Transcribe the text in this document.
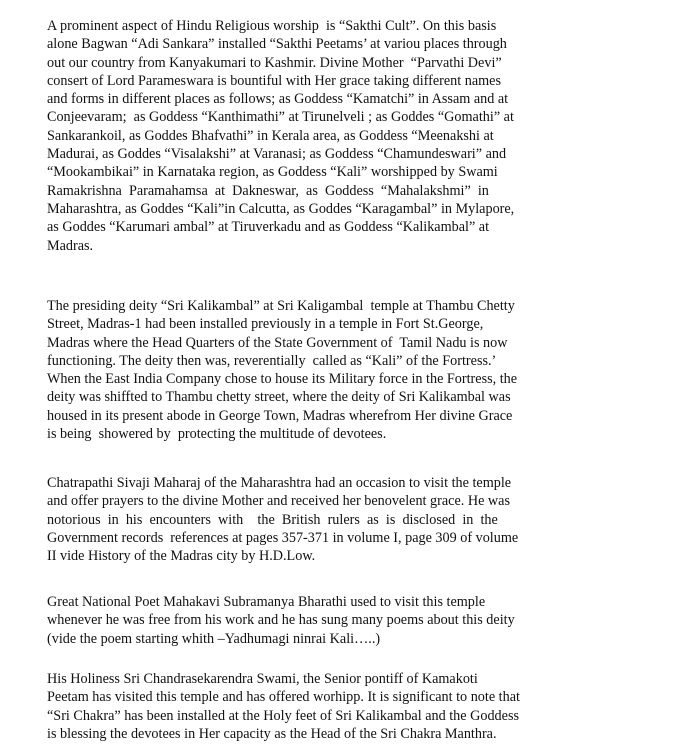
A prominent aspect of Hindu Religious worship  is “Sakthi Cult”. On this basis
alone Bagwan “Adi Sankara” installed “Sakthi Peetams’ at variou places through
out our country from Kanyakumari to Kashmir. Divine Mother  “Parvathi Devi”
consert of Lord Parameswara is bountiful with Her grace taking different names
and forms in different places as follows; as Goddess “Kamatchi” in Assam and at
Conjeevaram;  as Goddess “Kanthimathi” at Tirunelveli ; as Goddes “Gomathi” at
Sankarankoil, as Goddes Bhafvathi” in Kerala area, as Goddess “Meenakshi at
Madurai, as Goddes “Visalakshi” at Varanasi; as Goddess “Chamundeswari” and
“Mookambikai” in Karnataka region, as Goddess “Kali” worshipped by Swami
Ramakrishna  Paramahamsa  at  Dakneswar,  as  Goddess  “Mahalakshmi”  in
Maharashtra, as Goddes “Kali”in Calcutta, as Goddes “Karagambal” in Mylapore,
as Goddes “Karumari ambal” at Tiruverkadu and as Goddess “Kalikambal” at
Madras.

The presiding deity “Sri Kalikambal” at Sri Kaligambal  temple at Thambu Chetty
Street, Madras-1 had been installed previously in a temple in Fort St.George,
Madras where the Head Quarters of the State Government of  Tamil Nadu is now
functioning. The deity then was, reverentially  called as “Kali” of the Fortress.’
When the East India Company chose to house its Military force in the Fortress, the
deity was shiffted to Thambu chetty street, where the deity of Sri Kalikambal was
housed in its present abode in George Town, Madras wherefrom Her divine Grace
is being  showered by  protecting the multitude of devotees.

Chatrapathi Sivaji Maharaj of the Maharashtra had an occasion to visit the temple
and offer prayers to the divine Mother and received her benovelent grace. He was
notorious  in  his  encounters  with    the  British  rulers  as  is  disclosed  in  the
Government records  references at pages 357-371 in volume I, page 309 of volume
II vide History of the Madras city by H.D.Low.

Great National Poet Mahakavi Subramanya Bharathi used to visit this temple
whenever he was free from his work and he has sung many poems about this deity
(vide the poem starting whith –Yadhumagi ninrai Kali…..)

His Holiness Sri Chandrasekarendra Swami, the Senior pontiff of Kamakoti
Peetam has visited this temple and has offered worhipp. It is significant to note that
“Sri Chakra” has been installed at the Holy feet of Sri Kalikambal and the Goddess
is blessing the devotees in Her capacity as the Head of the Sri Chakra Manthra.
